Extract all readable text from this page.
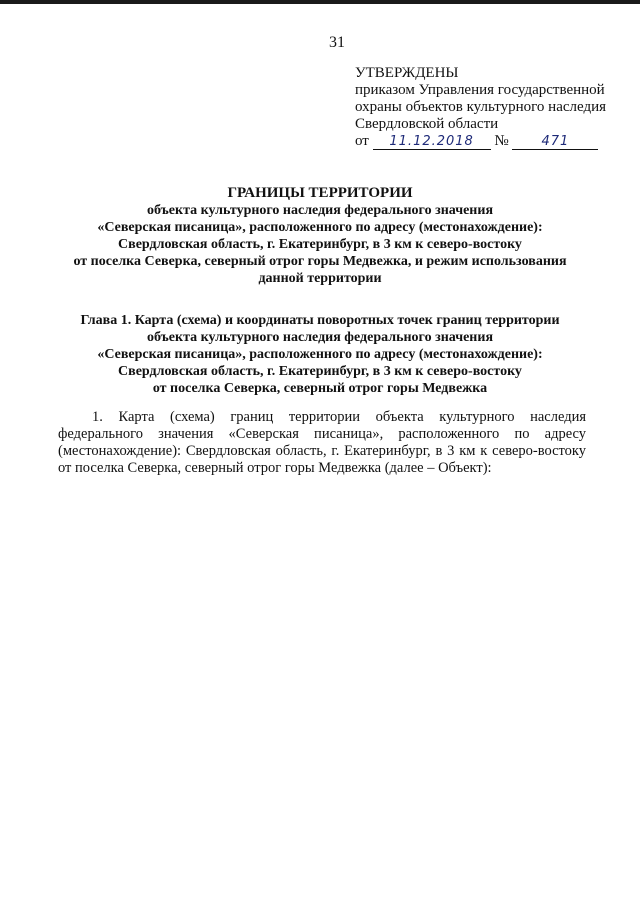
31
УТВЕРЖДЕНЫ
приказом Управления государственной
охраны объектов культурного наследия
Свердловской области
от 11.12.2018 №	471
ГРАНИЦЫ ТЕРРИТОРИИ
объекта культурного наследия федерального значения
«Северская писаница», расположенного по адресу (местонахождение):
Свердловская область, г. Екатеринбург, в 3 км к северо-востоку
от поселка Северка, северный отрог горы Медвежка, и режим использования
данной территории
Глава 1. Карта (схема) и координаты поворотных точек границ территории
объекта культурного наследия федерального значения
«Северская писаница», расположенного по адресу (местонахождение):
Свердловская область, г. Екатеринбург, в 3 км к северо-востоку
от поселка Северка, северный отрог горы Медвежка
1. Карта (схема) границ территории объекта культурного наследия федерального значения «Северская писаница», расположенного по адресу (местонахождение): Свердловская область, г. Екатеринбург, в 3 км к северо-востоку от поселка Северка, северный отрог горы Медвежка (далее – Объект):
